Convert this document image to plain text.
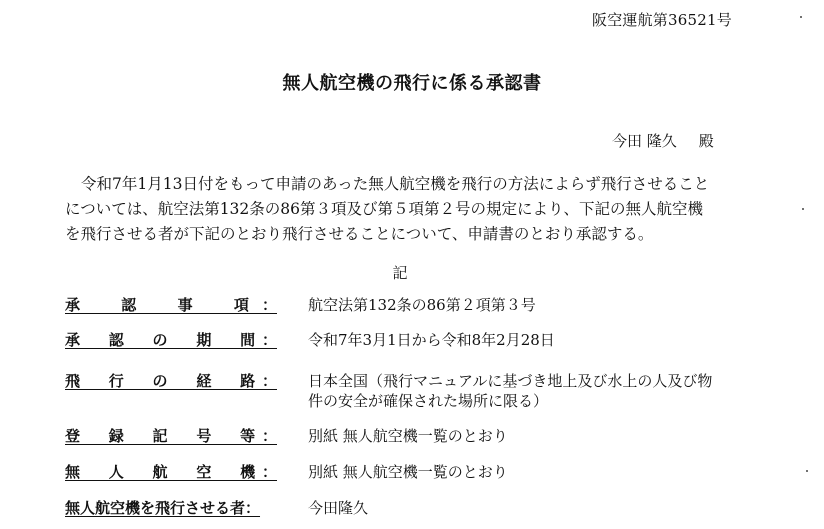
阪空運航第36521号
無人航空機の飛行に係る承認書
今田 隆久 殿

令和7年1月13日付をもって申請のあった無人航空機を飛行の方法によらず飛行させること

については、航空法第132条の86第３項及び第５項第２号の規定により、下記の無人航空機
を飛行させる者が下記のとおり飛行させることについて、申請書のとおり承認する。
記
承　認　事　項： 航空法第132条の86第２項第３号
承　認　の　期　間： 令和7年3月1日から令和8年2月28日
飛　行　の　経　路： 日本全国（飛行マニュアルに基づき地上及び水上の人及び物
件の安全が確保された場所に限る）
登　録　記　号　等： 別紙 無人航空機一覧のとおり
無　人　航　空　機： 別紙 無人航空機一覧のとおり
無人航空機を飛行させる者：	今田隆久
